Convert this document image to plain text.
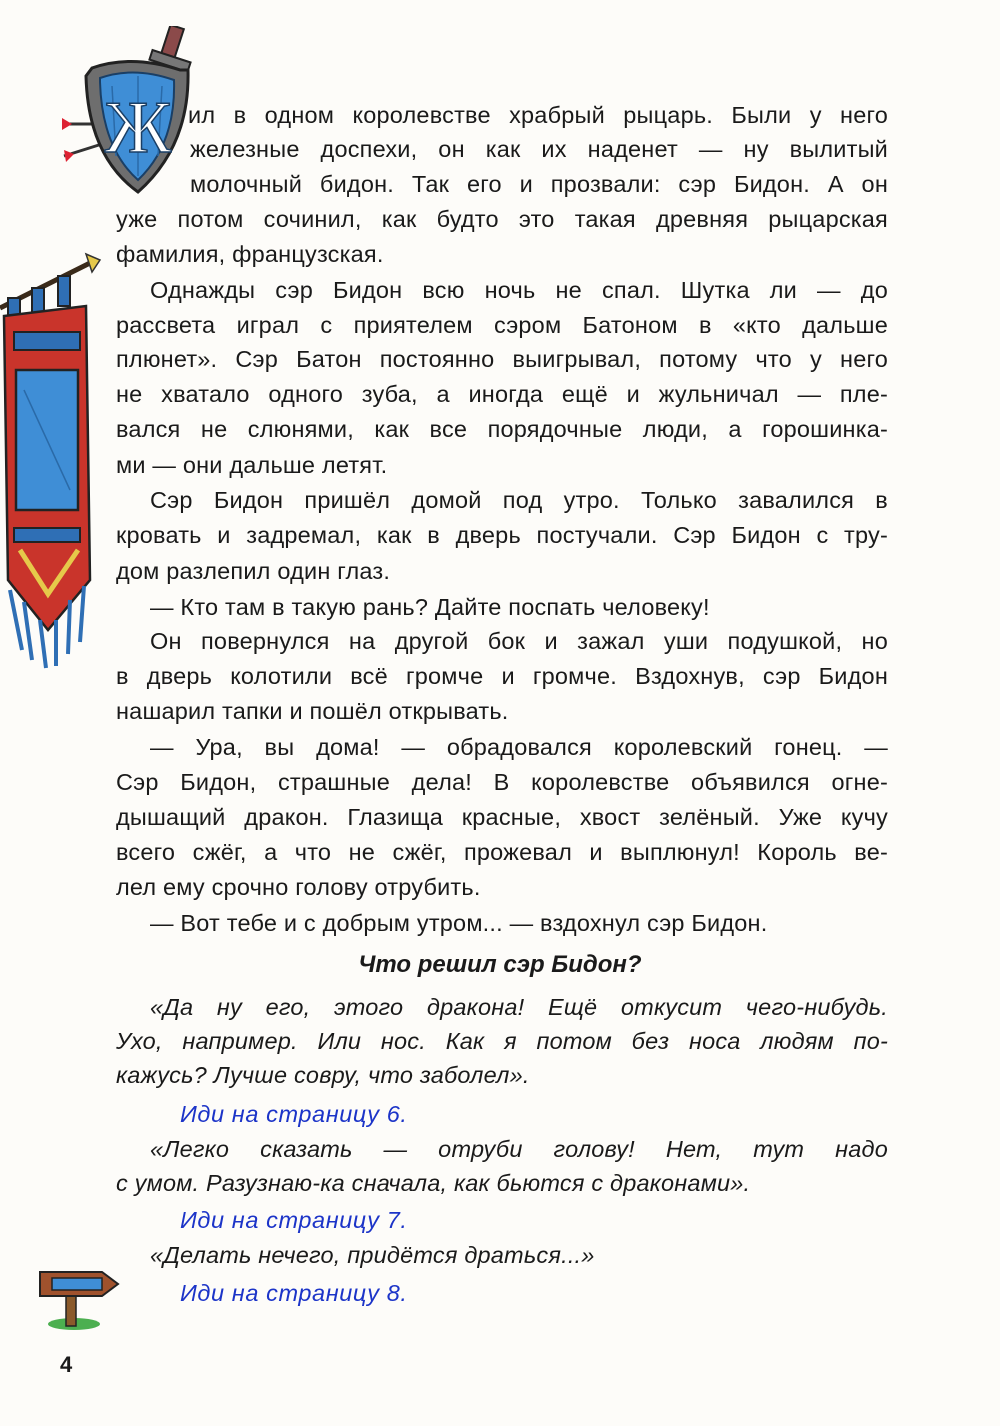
Ж ил в одном королевстве храбрый рыцарь. Были у него
железные доспехи, он как их наденет — ну вылитый
молочный бидон. Так его и прозвали: сэр Бидон. А он
уже потом сочинил, как будто это такая древняя рыцарская
фамилия, французская.
Однажды сэр Бидон всю ночь не спал. Шутка ли — до
рассвета играл с приятелем сэром Батоном в «кто дальше
плюнет». Сэр Батон постоянно выигрывал, потому что у него
не хватало одного зуба, а иногда ещё и жульничал — пле-
вался не слюнями, как все порядочные люди, а горошинка-
ми — они дальше летят.
Сэр Бидон пришёл домой под утро. Только завалился в
кровать и задремал, как в дверь постучали. Сэр Бидон с тру-
дом разлепил один глаз.
— Кто там в такую рань? Дайте поспать человеку!
Он повернулся на другой бок и зажал уши подушкой, но
в дверь колотили всё громче и громче. Вздохнув, сэр Бидон
нашарил тапки и пошёл открывать.
— Ура, вы дома! — обрадовался королевский гонец. —
Сэр Бидон, страшные дела! В королевстве объявился огне-
дышащий дракон. Глазища красные, хвост зелёный. Уже кучу
всего сжёг, а что не сжёг, прожевал и выплюнул! Король ве-
лел ему срочно голову отрубить.
— Вот тебе и с добрым утром... — вздохнул сэр Бидон.
Что решил сэр Бидон?
«Да ну его, этого дракона! Ещё откусит чего-нибудь.
Ухо, например. Или нос. Как я потом без носа людям по-
кажусь? Лучше совру, что заболел».
Иди на страницу 6.
«Легко сказать — отруби голову! Нет, тут надо
с умом. Разузнаю-ка сначала, как бьются с драконами».
Иди на страницу 7.
«Делать нечего, придётся драться...»
Иди на страницу 8.
4
